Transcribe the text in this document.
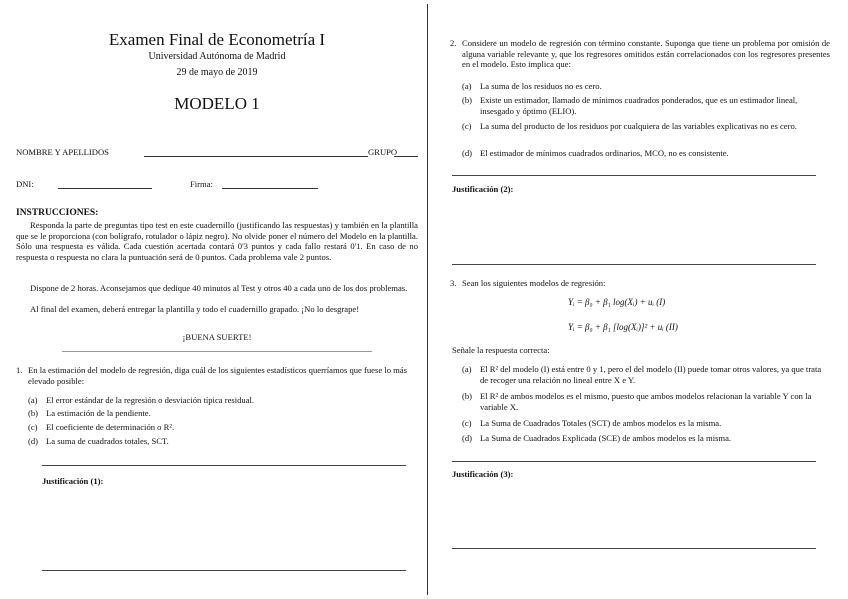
Examen Final de Econometría I
Universidad Autónoma de Madrid
29 de mayo de 2019
MODELO 1
NOMBRE Y APELLIDOS	GRUPO
DNI:	Firma:
INSTRUCCIONES:
Responda la parte de preguntas tipo test en este cuadernillo (justificando las respuestas) y también en la plantilla que se le proporciona (con bolígrafo, rotulador o lápiz negro). No olvide poner el número del Modelo en la plantilla. Sólo una respuesta es válida. Cada cuestión acertada contará 0'3 puntos y cada fallo restará 0'1. En caso de no respuesta o respuesta no clara la puntuación será de 0 puntos. Cada problema vale 2 puntos.
Dispone de 2 horas. Aconsejamos que dedique 40 minutos al Test y otros 40 a cada uno de los dos problemas.
Al final del examen, deberá entregar la plantilla y todo el cuadernillo grapado. ¡No lo desgrape!
¡BUENA SUERTE!
1. En la estimación del modelo de regresión, diga cuál de los siguientes estadísticos querríamos que fuese lo más elevado posible:
(a) El error estándar de la regresión o desviación típica residual.
(b) La estimación de la pendiente.
(c) El coeficiente de determinación o R².
(d) La suma de cuadrados totales, SCT.
Justificación (1):
2. Considere un modelo de regresión con término constante. Suponga que tiene un problema por omisión de alguna variable relevante y, que los regresores omitidos están correlacionados con los regresores presentes en el modelo. Esto implica que:
(a) La suma de los residuos no es cero.
(b) Existe un estimador, llamado de mínimos cuadrados ponderados, que es un estimador lineal, insesgado y óptimo (ELIO).
(c) La suma del producto de los residuos por cualquiera de las variables explicativas no es cero.
(d) El estimador de mínimos cuadrados ordinarios, MCO, no es consistente.
Justificación (2):
3. Sean los siguientes modelos de regresión:
Yᵢ = β₀ + β₁ log(Xᵢ) + uᵢ (I)
Yᵢ = β₀ + β₁ [log(Xᵢ)]² + uᵢ (II)
Señale la respuesta correcta:
(a) El R² del modelo (I) está entre 0 y 1, pero el del modelo (II) puede tomar otros valores, ya que trata de recoger una relación no lineal entre X e Y.
(b) El R² de ambos modelos es el mismo, puesto que ambos modelos relacionan la variable Y con la variable X.
(c) La Suma de Cuadrados Totales (SCT) de ambos modelos es la misma.
(d) La Suma de Cuadrados Explicada (SCE) de ambos modelos es la misma.
Justificación (3):
